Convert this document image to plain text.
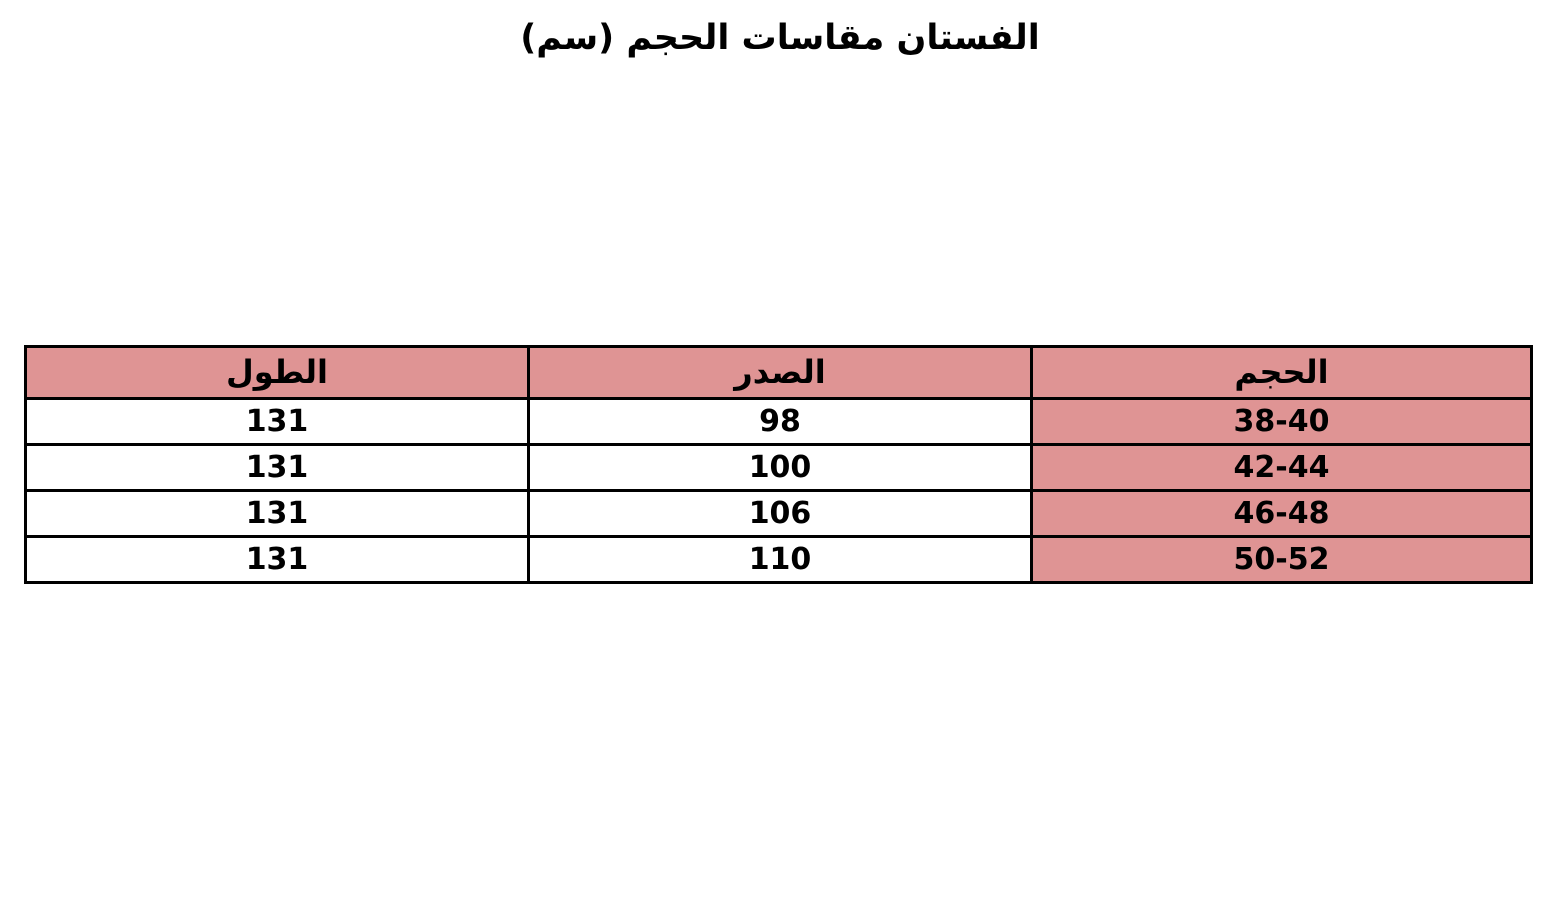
الفستان مقاسات الحجم (سم)
الحجم	الصدر	الطول
38-40	98	131
42-44	100	131
46-48	106	131
50-52	110	131
